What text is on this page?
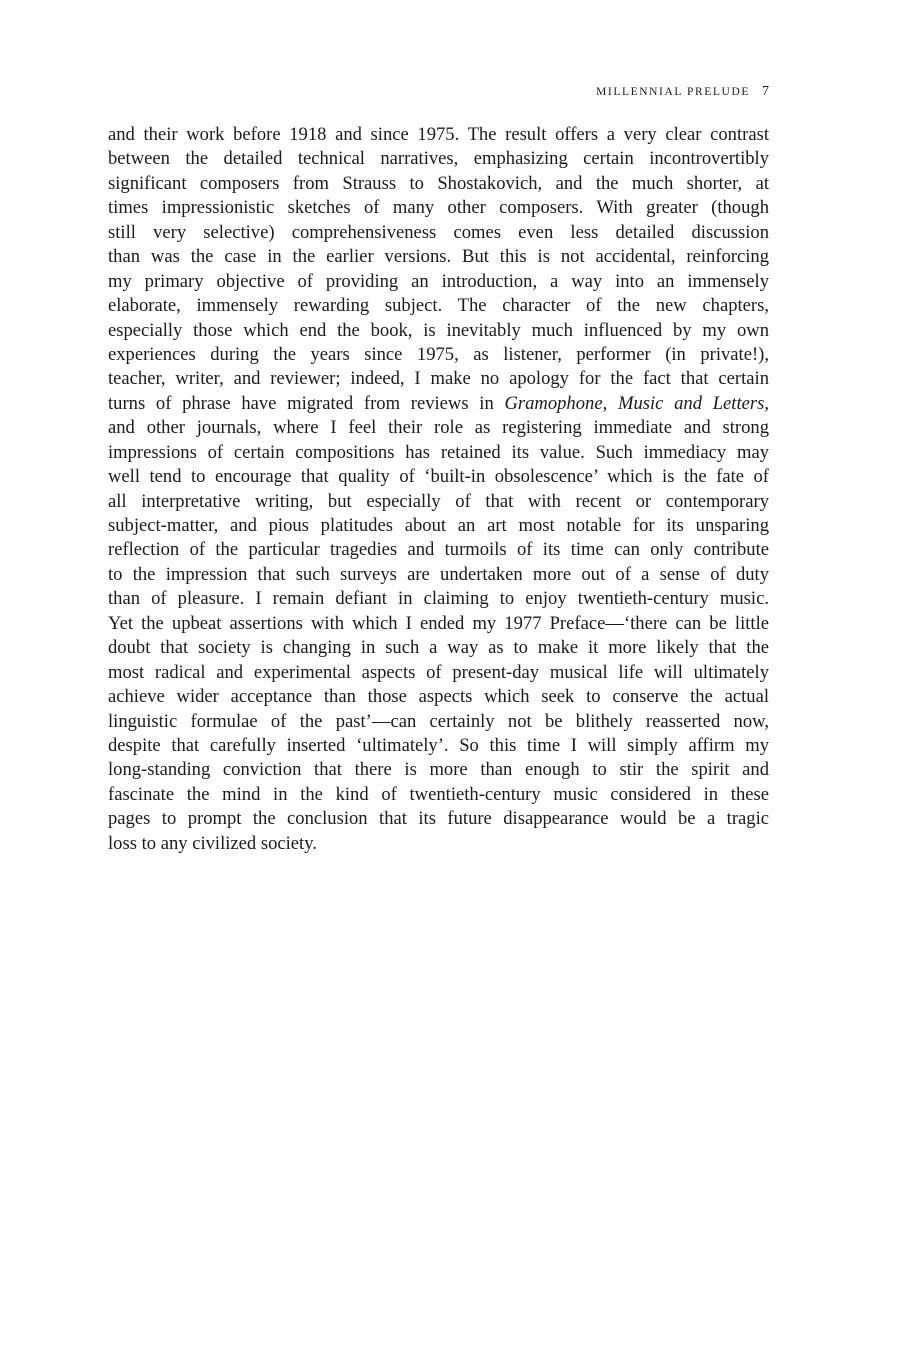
MILLENNIAL PRELUDE 7
and their work before 1918 and since 1975. The result offers a very clear contrast
between the detailed technical narratives, emphasizing certain incontrovertibly
significant composers from Strauss to Shostakovich, and the much shorter, at
times impressionistic sketches of many other composers. With greater (though
still very selective) comprehensiveness comes even less detailed discussion
than was the case in the earlier versions. But this is not accidental, reinforcing
my primary objective of providing an introduction, a way into an immensely
elaborate, immensely rewarding subject. The character of the new chapters,
especially those which end the book, is inevitably much influenced by my own
experiences during the years since 1975, as listener, performer (in private!),
teacher, writer, and reviewer; indeed, I make no apology for the fact that certain
turns of phrase have migrated from reviews in Gramophone, Music and Letters,
and other journals, where I feel their role as registering immediate and strong
impressions of certain compositions has retained its value. Such immediacy may
well tend to encourage that quality of ‘built-in obsolescence’ which is the fate of
all interpretative writing, but especially of that with recent or contemporary
subject-matter, and pious platitudes about an art most notable for its unsparing
reflection of the particular tragedies and turmoils of its time can only contribute
to the impression that such surveys are undertaken more out of a sense of duty
than of pleasure. I remain defiant in claiming to enjoy twentieth-century music.
Yet the upbeat assertions with which I ended my 1977 Preface—‘there can be little
doubt that society is changing in such a way as to make it more likely that the
most radical and experimental aspects of present-day musical life will ultimately
achieve wider acceptance than those aspects which seek to conserve the actual
linguistic formulae of the past’—can certainly not be blithely reasserted now,
despite that carefully inserted ‘ultimately’. So this time I will simply affirm my
long-standing conviction that there is more than enough to stir the spirit and
fascinate the mind in the kind of twentieth-century music considered in these
pages to prompt the conclusion that its future disappearance would be a tragic
loss to any civilized society.
